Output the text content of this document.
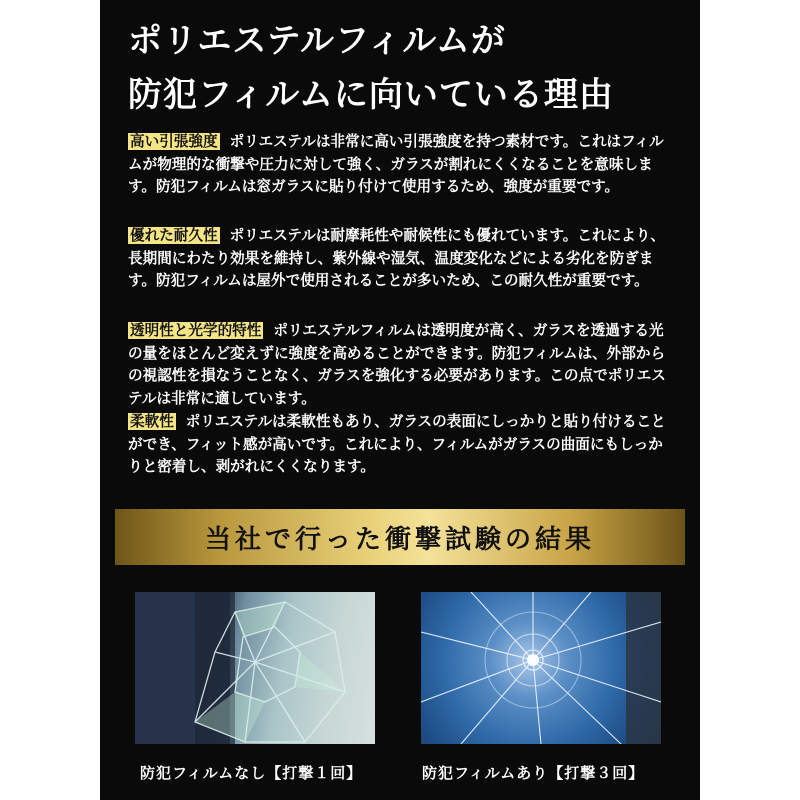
ポリエステルフィルムが
防犯フィルムに向いている理由
高い引張強度 ポリエステルは非常に高い引張強度を持つ素材です。これはフィルムが物理的な衝撃や圧力に対して強く、ガラスが割れにくくなることを意味します。防犯フィルムは窓ガラスに貼り付けて使用するため、強度が重要です。
優れた耐久性 ポリエステルは耐摩耗性や耐候性にも優れています。これにより、長期間にわたり効果を維持し、紫外線や湿気、温度変化などによる劣化を防ぎます。防犯フィルムは屋外で使用されることが多いため、この耐久性が重要です。
透明性と光学的特性 ポリエステルフィルムは透明度が高く、ガラスを透過する光の量をほとんど変えずに強度を高めることができます。防犯フィルムは、外部からの視認性を損なうことなく、ガラスを強化する必要があります。この点でポリエステルは非常に適しています。
柔軟性 ポリエステルは柔軟性もあり、ガラスの表面にしっかりと貼り付けることができ、フィット感が高いです。これにより、フィルムがガラスの曲面にもしっかりと密着し、剥がれにくくなります。
当社で行った衝撃試験の結果
防犯フィルムなし【打撃１回】	防犯フィルムあり【打撃３回】
